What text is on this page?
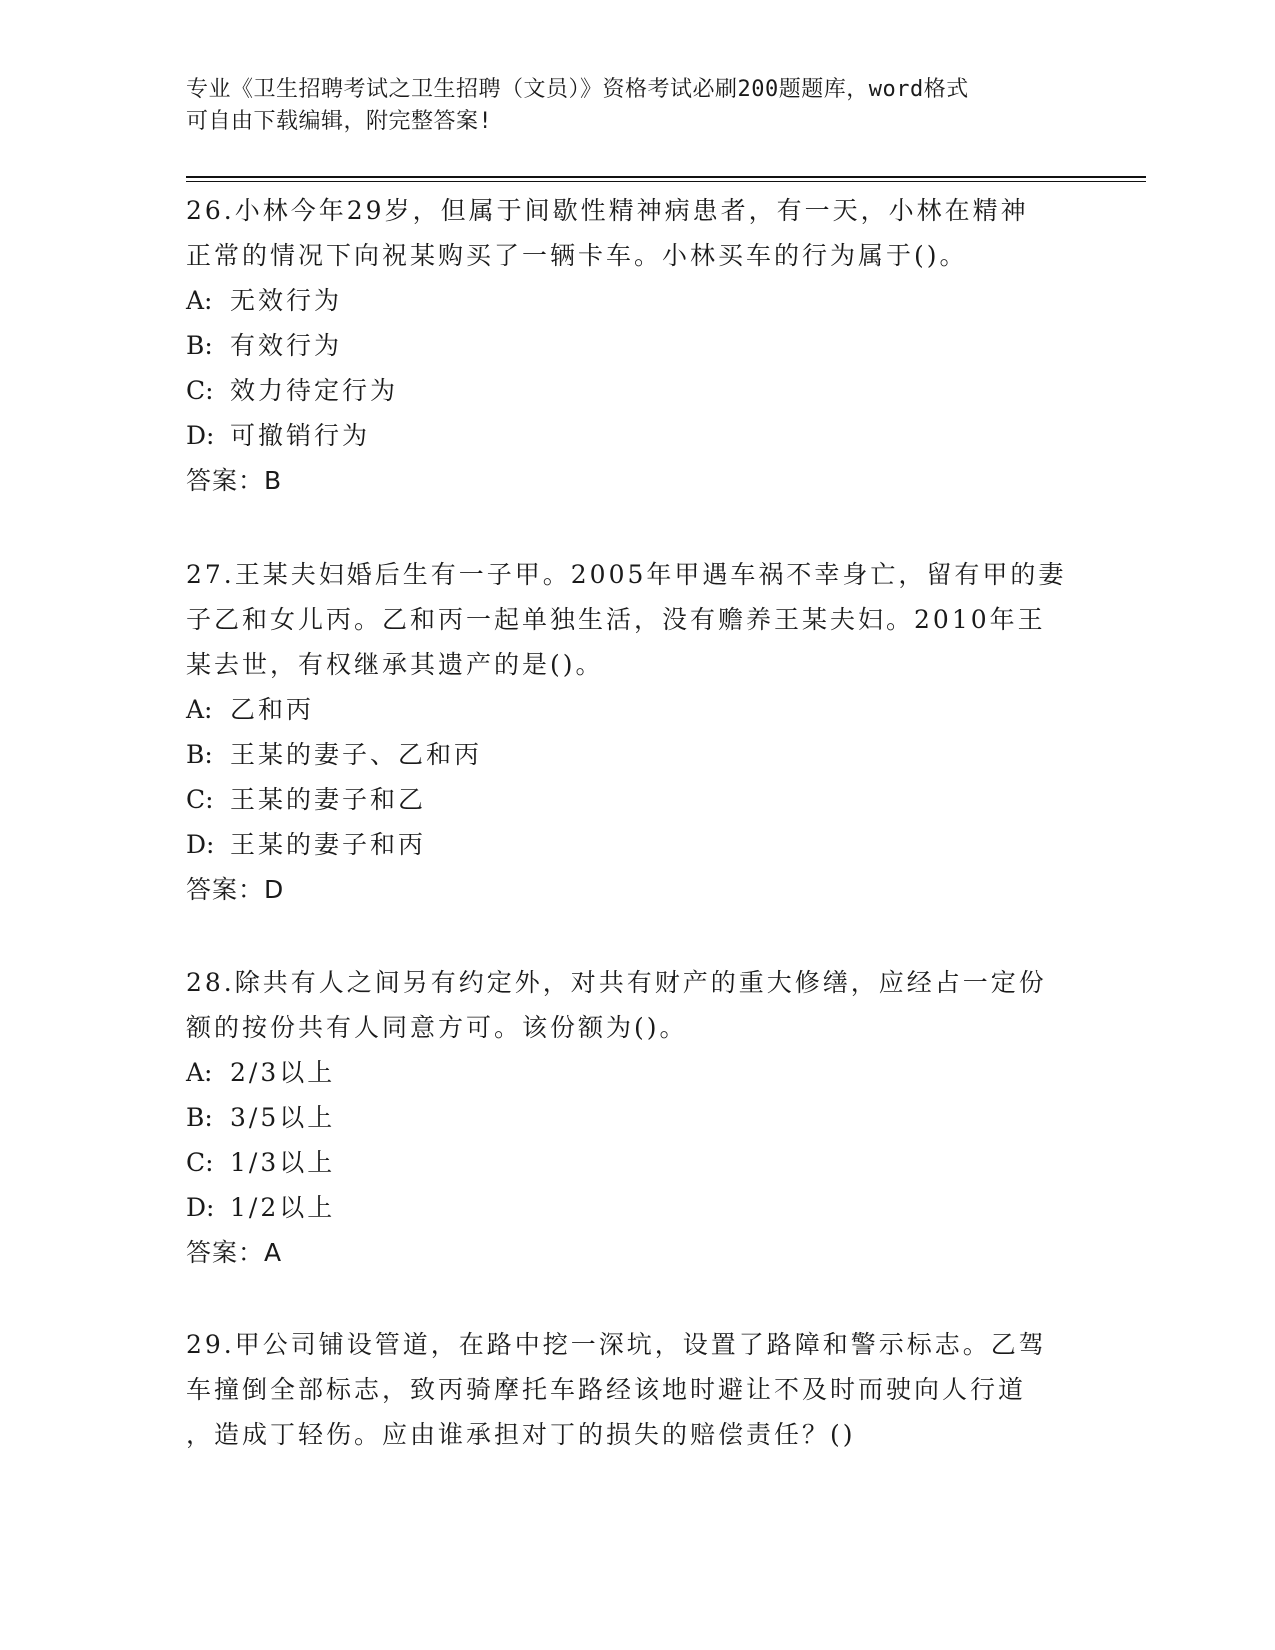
专业《卫生招聘考试之卫生招聘（文员）》资格考试必刷200题题库，word格式
可自由下载编辑，附完整答案!

26.小林今年29岁，但属于间歇性精神病患者，有一天，小林在精神

正常的情况下向祝某购买了一辆卡车。小林买车的行为属于()。

A: 无效行为

B: 有效行为

C: 效力待定行为

D: 可撤销行为

答案：B

27.王某夫妇婚后生有一子甲。2005年甲遇车祸不幸身亡，留有甲的妻

子乙和女儿丙。乙和丙一起单独生活，没有赡养王某夫妇。2010年王

某去世，有权继承其遗产的是()。

A: 乙和丙

B: 王某的妻子、乙和丙

C: 王某的妻子和乙

D: 王某的妻子和丙

答案：D

28.除共有人之间另有约定外，对共有财产的重大修缮，应经占一定份

额的按份共有人同意方可。该份额为()。

A: 2/3以上

B: 3/5以上

C: 1/3以上

D: 1/2以上

答案：A

29.甲公司铺设管道，在路中挖一深坑，设置了路障和警示标志。乙驾

车撞倒全部标志，致丙骑摩托车路经该地时避让不及时而驶向人行道

，造成丁轻伤。应由谁承担对丁的损失的赔偿责任？()
